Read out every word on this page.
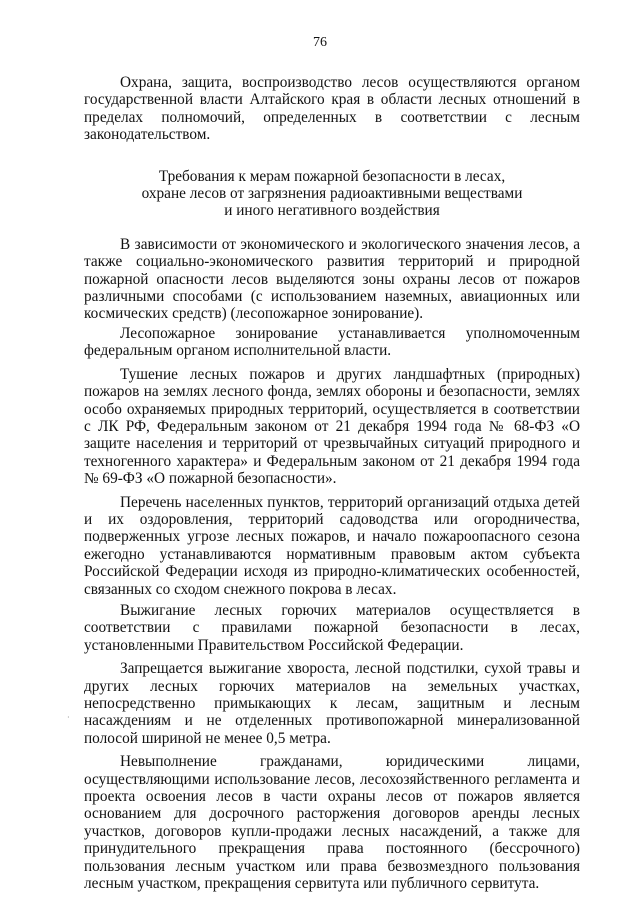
76

Охрана, защита, воспроизводство лесов осуществляются органом государственной власти Алтайского края в области лесных отношений в пределах полномочий, определенных в соответствии с лесным законодательством.

Требования к мерам пожарной безопасности в лесах,
охране лесов от загрязнения радиоактивными веществами
и иного негативного воздействия

В зависимости от экономического и экологического значения лесов, а также социально-экономического развития территорий и природной пожарной опасности лесов выделяются зоны охраны лесов от пожаров различными способами (с использованием наземных, авиационных или космических средств) (лесопожарное зонирование).

Лесопожарное зонирование устанавливается уполномоченным федеральным органом исполнительной власти.

Тушение лесных пожаров и других ландшафтных (природных) пожаров на землях лесного фонда, землях обороны и безопасности, землях особо охраняемых природных территорий, осуществляется в соответствии с ЛК РФ, Федеральным законом от 21 декабря 1994 года № 68-ФЗ «О защите населения и территорий от чрезвычайных ситуаций природного и техногенного характера» и Федеральным законом от 21 декабря 1994 года № 69-ФЗ «О пожарной безопасности».

Перечень населенных пунктов, территорий организаций отдыха детей и их оздоровления, территорий садоводства или огородничества, подверженных угрозе лесных пожаров, и начало пожароопасного сезона ежегодно устанавливаются нормативным правовым актом субъекта Российской Федерации исходя из природно-климатических особенностей, связанных со сходом снежного покрова в лесах.

Выжигание лесных горючих материалов осуществляется в соответствии с правилами пожарной безопасности в лесах, установленными Правительством Российской Федерации.

Запрещается выжигание хвороста, лесной подстилки, сухой травы и других лесных горючих материалов на земельных участках, непосредственно примыкающих к лесам, защитным и лесным насаждениям и не отделенных противопожарной минерализованной полосой шириной не менее 0,5 метра.

Невыполнение гражданами, юридическими лицами, осуществляющими использование лесов, лесохозяйственного регламента и проекта освоения лесов в части охраны лесов от пожаров является основанием для досрочного расторжения договоров аренды лесных участков, договоров купли-продажи лесных насаждений, а также для принудительного прекращения права постоянного (бессрочного) пользования лесным участком или права безвозмездного пользования лесным участком, прекращения сервитута или публичного сервитута.

·
